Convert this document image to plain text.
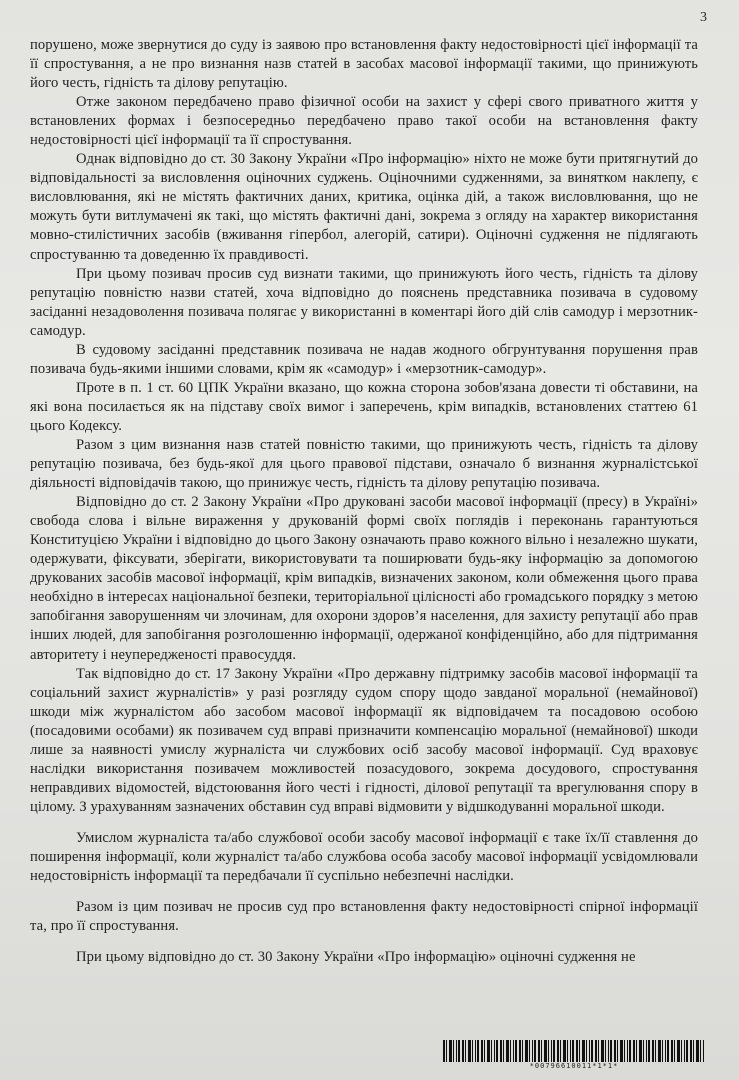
3

порушено, може звернутися до суду із заявою про встановлення факту недостовірності цієї інформації та її спростування, а не про визнання назв статей в засобах масової інформації такими, що принижують його честь, гідність та ділову репутацію.

Отже законом передбачено право фізичної особи на захист у сфері свого приватного життя у встановлених формах і безпосередньо передбачено право такої особи на встановлення факту недостовірності цієї інформації та її спростування.

Однак відповідно до ст. 30 Закону України «Про інформацію» ніхто не може бути притягнутий до відповідальності за висловлення оціночних суджень. Оціночними судженнями, за винятком наклепу, є висловлювання, які не містять фактичних даних, критика, оцінка дій, а також висловлювання, що не можуть бути витлумачені як такі, що містять фактичні дані, зокрема з огляду на характер використання мовно-стилістичних засобів (вживання гіпербол, алегорій, сатири). Оціночні судження не підлягають спростуванню та доведенню їх правдивості.

При цьому позивач просив суд визнати такими, що принижують його честь, гідність та ділову репутацію повністю назви статей, хоча відповідно до пояснень представника позивача в судовому засіданні незадоволення позивача полягає у використанні в коментарі його дій слів самодур і мерзотник-самодур.

В судовому засіданні представник позивача не надав жодного обгрунтування порушення прав позивача будь-якими іншими словами, крім як «самодур» і «мерзотник-самодур».

Проте в п. 1 ст. 60 ЦПК України вказано, що кожна сторона зобов'язана довести ті обставини, на які вона посилається як на підставу своїх вимог і заперечень, крім випадків, встановлених статтею 61 цього Кодексу.

Разом з цим визнання назв статей повністю такими, що принижують честь, гідність та ділову репутацію позивача, без будь-якої для цього правової підстави, означало б визнання журналістської діяльності відповідачів такою, що принижує честь, гідність та ділову репутацію позивача.

Відповідно до ст. 2 Закону України «Про друковані засоби масової інформації (пресу) в Україні» свобода слова і вільне вираження у друкованій формі своїх поглядів і переконань гарантуються Конституцією України і відповідно до цього Закону означають право кожного вільно і незалежно шукати, одержувати, фіксувати, зберігати, використовувати та поширювати будь-яку інформацію за допомогою друкованих засобів масової інформації, крім випадків, визначених законом, коли обмеження цього права необхідно в інтересах національної безпеки, територіальної цілісності або громадського порядку з метою запобігання заворушенням чи злочинам, для охорони здоров’я населення, для захисту репутації або прав інших людей, для запобігання розголошенню інформації, одержаної конфіденційно, або для підтримання авторитету і неупередженості правосуддя.

Так відповідно до ст. 17 Закону України «Про державну підтримку засобів масової інформації та соціальний захист журналістів» у разі розгляду судом спору щодо завданої моральної (немайнової) шкоди між журналістом або засобом масової інформації як відповідачем та посадовою особою (посадовими особами) як позивачем суд вправі призначити компенсацію моральної (немайнової) шкоди лише за наявності умислу журналіста чи службових осіб засобу масової інформації. Суд враховує наслідки використання позивачем можливостей позасудового, зокрема досудового, спростування неправдивих відомостей, відстоювання його честі і гідності, ділової репутації та врегулювання спору в цілому. З урахуванням зазначених обставин суд вправі відмовити у відшкодуванні моральної шкоди.

Умислом журналіста та/або службової особи засобу масової інформації є таке їх/її ставлення до поширення інформації, коли журналіст та/або службова особа засобу масової інформації усвідомлювали недостовірність інформації та передбачали її суспільно небезпечні наслідки.

Разом із цим позивач не просив суд про встановлення факту недостовірності спірної інформації та, про її спростування.

При цьому відповідно до ст. 30 Закону України «Про інформацію» оціночні судження не

*00796610011*1*1*
